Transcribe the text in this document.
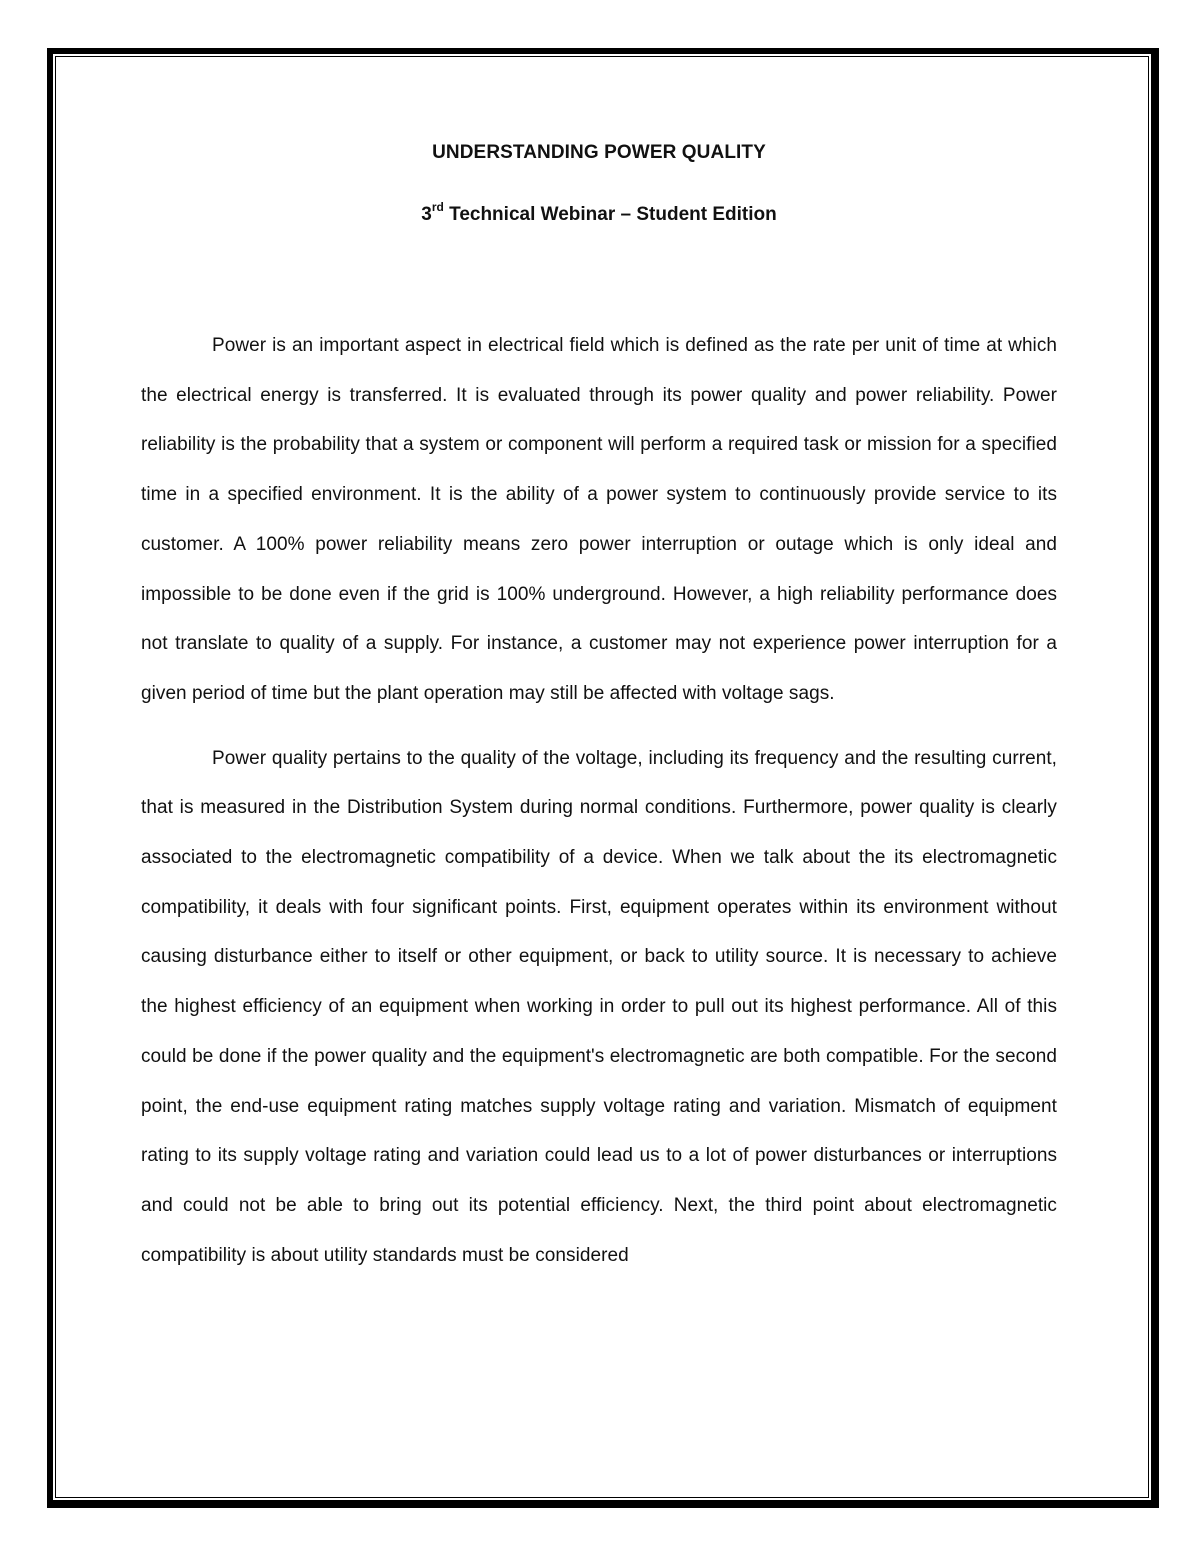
UNDERSTANDING POWER QUALITY
3rd Technical Webinar – Student Edition

Power is an important aspect in electrical field which is defined as the rate per unit of time at which the electrical energy is transferred. It is evaluated through its power quality and power reliability. Power reliability is the probability that a system or component will perform a required task or mission for a specified time in a specified environment. It is the ability of a power system to continuously provide service to its customer. A 100% power reliability means zero power interruption or outage which is only ideal and impossible to be done even if the grid is 100% underground. However, a high reliability performance does not translate to quality of a supply. For instance, a customer may not experience power interruption for a given period of time but the plant operation may still be affected with voltage sags.

Power quality pertains to the quality of the voltage, including its frequency and the resulting current, that is measured in the Distribution System during normal conditions. Furthermore, power quality is clearly associated to the electromagnetic compatibility of a device. When we talk about the its electromagnetic compatibility, it deals with four significant points. First, equipment operates within its environment without causing disturbance either to itself or other equipment, or back to utility source. It is necessary to achieve the highest efficiency of an equipment when working in order to pull out its highest performance. All of this could be done if the power quality and the equipment's electromagnetic are both compatible. For the second point, the end-use equipment rating matches supply voltage rating and variation. Mismatch of equipment rating to its supply voltage rating and variation could lead us to a lot of power disturbances or interruptions and could not be able to bring out its potential efficiency. Next, the third point about electromagnetic compatibility is about utility standards must be considered
